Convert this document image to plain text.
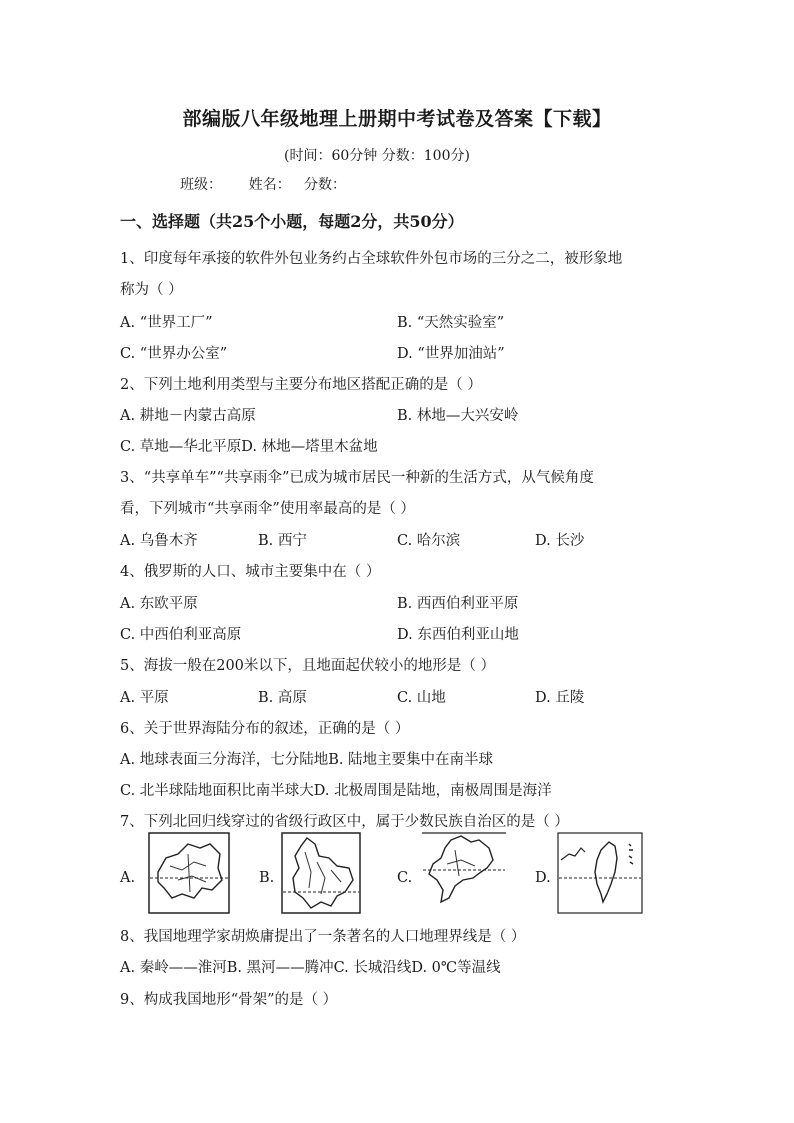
部编版八年级地理上册期中考试卷及答案【下载】
(时间：60分钟 分数：100分)
班级：      姓名：   分数：
一、选择题（共25个小题，每题2分，共50分）
1、印度每年承接的软件外包业务约占全球软件外包市场的三分之二，被形象地
称为（ ）
A. “世界工厂”	B. “天然实验室”
C. “世界办公室”	D. “世界加油站”
2、下列土地利用类型与主要分布地区搭配正确的是（ ）
A. 耕地－内蒙古高原	B. 林地—大兴安岭
C. 草地—华北平原D. 林地—塔里木盆地
3、“共享单车”“共享雨伞”已成为城市居民一种新的生活方式，从气候角度
看，下列城市“共享雨伞”使用率最高的是（ ）
A. 乌鲁木齐	B. 西宁	C. 哈尔滨	D. 长沙
4、俄罗斯的人口、城市主要集中在（ ）
A. 东欧平原	B. 西西伯利亚平原
C. 中西伯利亚高原	D. 东西伯利亚山地
5、海拔一般在200米以下，且地面起伏较小的地形是（ ）
A. 平原	B. 高原	C. 山地	D. 丘陵
6、关于世界海陆分布的叙述，正确的是（ ）
A. 地球表面三分海洋，七分陆地B. 陆地主要集中在南半球
C. 北半球陆地面积比南半球大D. 北极周围是陆地，南极周围是海洋
7、下列北回归线穿过的省级行政区中，属于少数民族自治区的是（ ）
A.	B.	C.	D.
8、我国地理学家胡焕庸提出了一条著名的人口地理界线是（ ）
A. 秦岭——淮河B. 黑河——腾冲C. 长城沿线D. 0℃等温线
9、构成我国地形“骨架”的是（ ）
